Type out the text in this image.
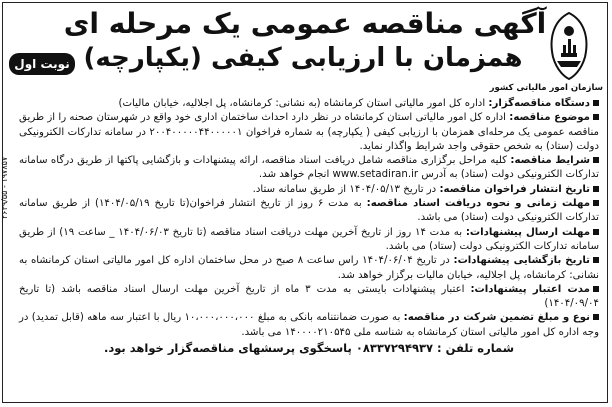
آگهی مناقصه عمومی یک مرحله ای
همزمان با ارزیابی کیفی (یکپارچه)
نوبت اول
سازمان امور مالیاتی کشور
۱۹۷۸۵۷ - ۲۶۳۹/۵۵

دستگاه مناقصه‌گزار: اداره کل امور مالیاتی استان کرمانشاه (به نشانی: کرمانشاه، پل اجلالیه، خیابان مالیات)

موضوع مناقصه: اداره کل امور مالیاتی استان کرمانشاه در نظر دارد احداث ساختمان اداری خود واقع در شهرستان صحنه را از طریق مناقصه عمومی یک مرحله‌ای همزمان با ارزیابی کیفی ( یکپارچه) به شماره فراخوان ۲۰۰۴۰۰۰۰۰۴۴۰۰۰۰۰۱ در سامانه تدارکات الکترونیکی دولت (ستاد) به شخص حقوقی واجد شرایط واگذار نماید.

شرایط مناقصه: کلیه مراحل برگزاری مناقصه شامل دریافت اسناد مناقصه، ارائه پیشنهادات و بازگشایی پاکتها از طریق درگاه سامانه تدارکات الکترونیکی دولت (ستاد) به آدرس www.setadiran.ir انجام خواهد شد.

تاریخ انتشار فراخوان مناقصه: در تاریخ ۱۴۰۴/۰۵/۱۳ از طریق سامانه ستاد.

مهلت زمانی و نحوه دریافت اسناد مناقصه: به مدت ۶ روز از تاریخ انتشار فراخوان(تا تاریخ ۱۴۰۴/۰۵/۱۹) از طریق سامانه تدارکات الکترونیکی دولت (ستاد) می باشد.

مهلت ارسال پیشنهادات: به مدت ۱۴ روز از تاریخ آخرین مهلت دریافت اسناد مناقصه (تا تاریخ ۱۴۰۴/۰۶/۰۳ _ ساعت ۱۹) از طریق سامانه تدارکات الکترونیکی دولت (ستاد) می باشد.

تاریخ بازگشایی پیشنهادات: در تاریخ ۱۴۰۴/۰۶/۰۴ راس ساعت ۸ صبح در محل ساختمان اداره کل امور مالیاتی استان کرمانشاه به نشانی: کرمانشاه، پل اجلالیه، خیابان مالیات برگزار خواهد شد.

مدت اعتبار پیشنهادات: اعتبار پیشنهادات بایستی به مدت ۳ ماه از تاریخ آخرین مهلت ارسال اسناد مناقصه باشد (تا تاریخ ۱۴۰۴/۰۹/۰۴)

نوع و مبلغ تضمین شرکت در مناقصه: به صورت ضمانتنامه بانکی به مبلغ ۱۰،۰۰۰،۰۰۰،۰۰۰ ریال با اعتبار سه ماهه (قابل تمدید) در وجه اداره کل امور مالیاتی استان کرمانشاه به شناسه ملی ۱۴۰۰۰۰۲۱۰۵۴۵ می باشد.

شماره تلفن : ۰۸۳۳۷۲۹۴۹۳۷ پاسخگوی پرسشهای مناقصه‌گزار خواهد بود.
